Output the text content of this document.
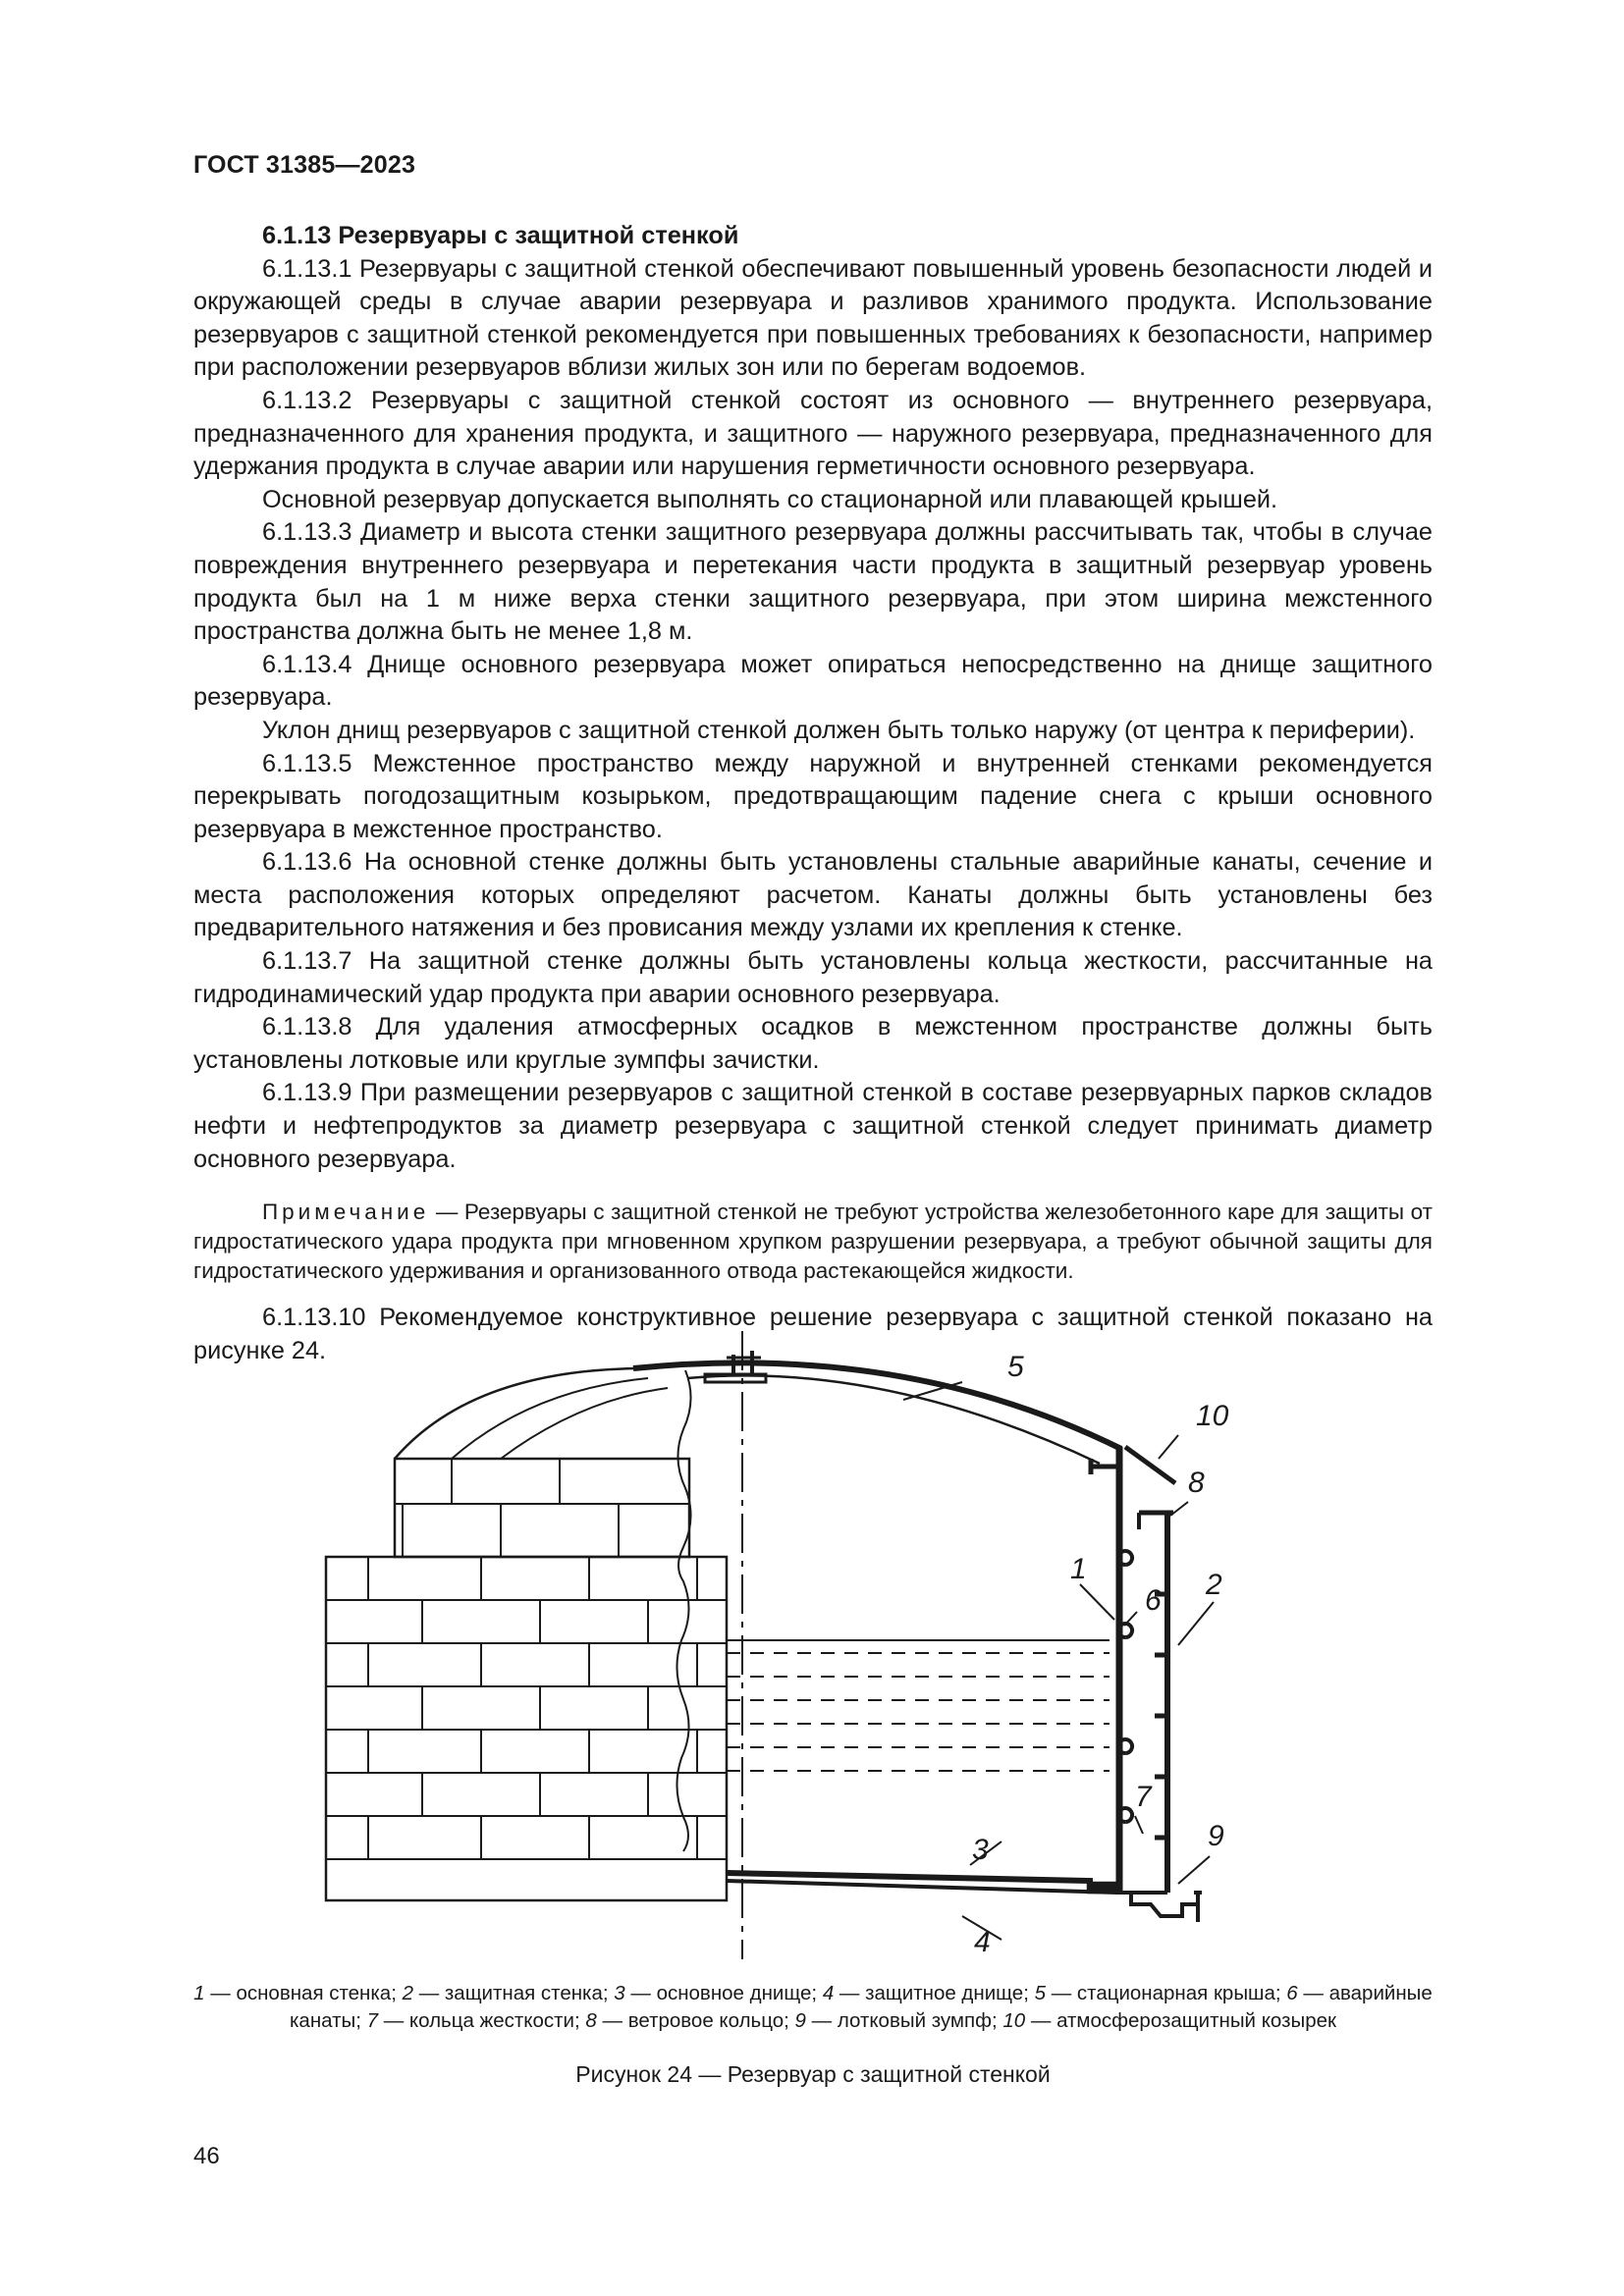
ГОСТ 31385—2023

6.1.13 Резервуары с защитной стенкой

6.1.13.1 Резервуары с защитной стенкой обеспечивают повышенный уровень безопасности людей и окружающей среды в случае аварии резервуара и разливов хранимого продукта. Использование резервуаров с защитной стенкой рекомендуется при повышенных требованиях к безопасности, например при расположении резервуаров вблизи жилых зон или по берегам водоемов.

6.1.13.2 Резервуары с защитной стенкой состоят из основного — внутреннего резервуара, предназначенного для хранения продукта, и защитного — наружного резервуара, предназначенного для удержания продукта в случае аварии или нарушения герметичности основного резервуара.

Основной резервуар допускается выполнять со стационарной или плавающей крышей.

6.1.13.3 Диаметр и высота стенки защитного резервуара должны рассчитывать так, чтобы в случае повреждения внутреннего резервуара и перетекания части продукта в защитный резервуар уровень продукта был на 1 м ниже верха стенки защитного резервуара, при этом ширина межстенного пространства должна быть не менее 1,8 м.

6.1.13.4 Днище основного резервуара может опираться непосредственно на днище защитного резервуара.

Уклон днищ резервуаров с защитной стенкой должен быть только наружу (от центра к периферии).

6.1.13.5 Межстенное пространство между наружной и внутренней стенками рекомендуется перекрывать погодозащитным козырьком, предотвращающим падение снега с крыши основного резервуара в межстенное пространство.

6.1.13.6 На основной стенке должны быть установлены стальные аварийные канаты, сечение и места расположения которых определяют расчетом. Канаты должны быть установлены без предварительного натяжения и без провисания между узлами их крепления к стенке.

6.1.13.7 На защитной стенке должны быть установлены кольца жесткости, рассчитанные на гидродинамический удар продукта при аварии основного резервуара.

6.1.13.8 Для удаления атмосферных осадков в межстенном пространстве должны быть установлены лотковые или круглые зумпфы зачистки.

6.1.13.9 При размещении резервуаров с защитной стенкой в составе резервуарных парков складов нефти и нефтепродуктов за диаметр резервуара с защитной стенкой следует принимать диаметр основного резервуара.

Примечание — Резервуары с защитной стенкой не требуют устройства железобетонного каре для защиты от гидростатического удара продукта при мгновенном хрупком разрушении резервуара, а требуют обычной защиты для гидростатического удерживания и организованного отвода растекающейся жидкости.

6.1.13.10 Рекомендуемое конструктивное решение резервуара с защитной стенкой показано на рисунке 24.

1	2
3
4
5
6
7
8
9
10
1 — основная стенка; 2 — защитная стенка; 3 — основное днище; 4 — защитное днище; 5 — стационарная крыша; 6 — аварийные канаты; 7 — кольца жесткости; 8 — ветровое кольцо; 9 — лотковый зумпф; 10 — атмосферозащитный козырек
Рисунок 24 — Резервуар с защитной стенкой
46
